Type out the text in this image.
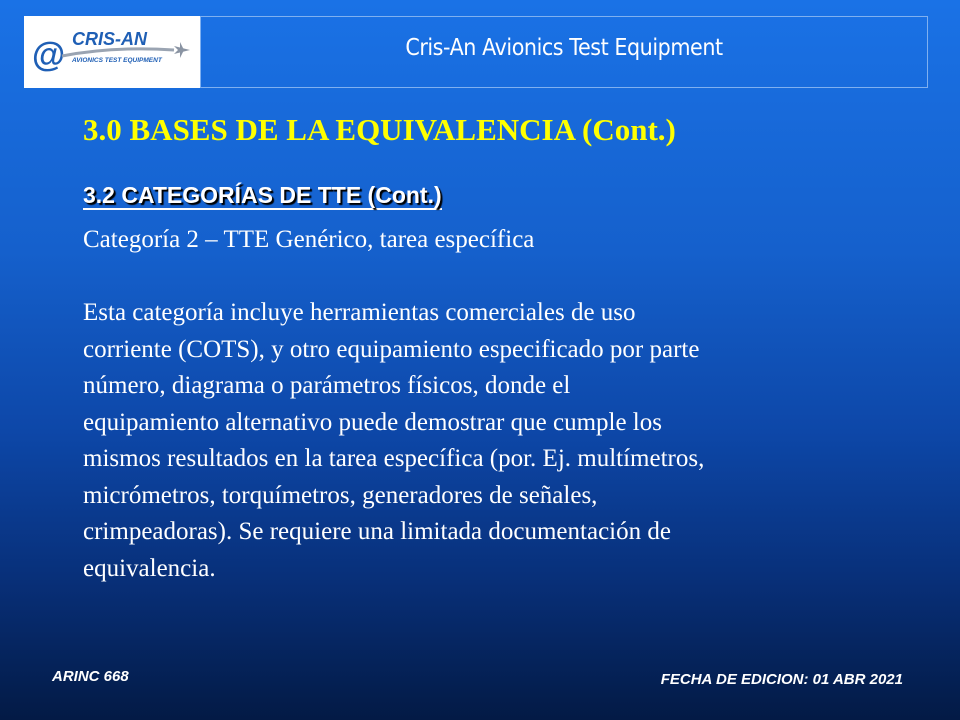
@ CRIS-AN
AVIONICS TEST EQUIPMENT	Cris-An Avionics Test Equipment
3.0 BASES DE LA EQUIVALENCIA (Cont.)
3.2 CATEGORÍAS DE TTE (Cont.)

Categoría 2 – TTE Genérico, tarea específica

Esta categoría incluye herramientas comerciales de uso
corriente (COTS), y otro equipamiento especificado por parte
número, diagrama o parámetros físicos, donde el
equipamiento alternativo puede demostrar que cumple los
mismos resultados en la tarea específica (por. Ej. multímetros,
micrómetros, torquímetros, generadores de señales,
crimpeadoras). Se requiere una limitada documentación de
equivalencia.

ARINC 668	FECHA DE EDICION: 01 ABR 2021
